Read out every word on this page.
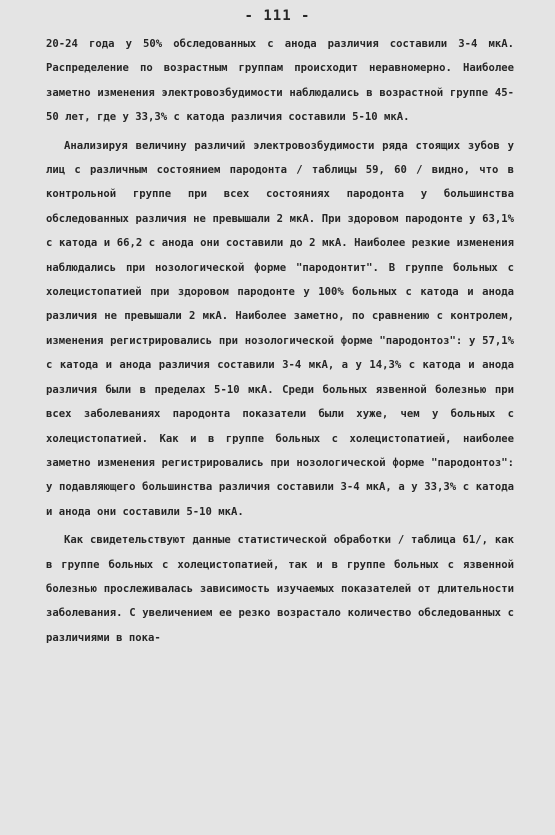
- 111 -

20-24 года у 50% обследованных с анода различия составили 3-4 мкА. Распределение по возрастным группам происходит неравномерно. Наиболее заметно изменения электровозбудимости наблюдались в возрастной группе 45-50 лет, где у 33,3% с катода различия составили 5-10 мкА.

Анализируя величину различий электровозбудимости ряда стоящих зубов у лиц с различным состоянием пародонта / таблицы 59, 60 / видно, что в контрольной группе при всех состояниях пародонта у большинства обследованных различия не превышали 2 мкА. При здоровом пародонте у 63,1% с катода и 66,2 с анода они составили до 2 мкА. Наиболее резкие изменения наблюдались при нозологической форме "пародонтит". В группе больных с холецистопатией при здоровом пародонте у 100% больных с катода и анода различия не превышали 2 мкА. Наиболее заметно, по сравнению с контролем, изменения регистрировались при нозологической форме "пародонтоз": у 57,1% с катода и анода различия составили 3-4 мкА, а у 14,3% с катода и анода различия были в пределах 5-10 мкА. Среди больных язвенной болезнью при всех заболеваниях пародонта показатели были хуже, чем у больных с холецистопатией. Как и в группе больных с холецистопатией, наиболее заметно изменения регистрировались при нозологической форме "пародонтоз": у подавляющего большинства различия составили 3-4 мкА, а у 33,3% с катода и анода они составили 5-10 мкА.

Как свидетельствуют данные статистической обработки / таблица 61/, как в группе больных с холецистопатией, так и в группе больных с язвенной болезнью прослеживалась зависимость изучаемых показателей от длительности заболевания. С увеличением ее резко возрастало количество обследованных с различиями в пока-
